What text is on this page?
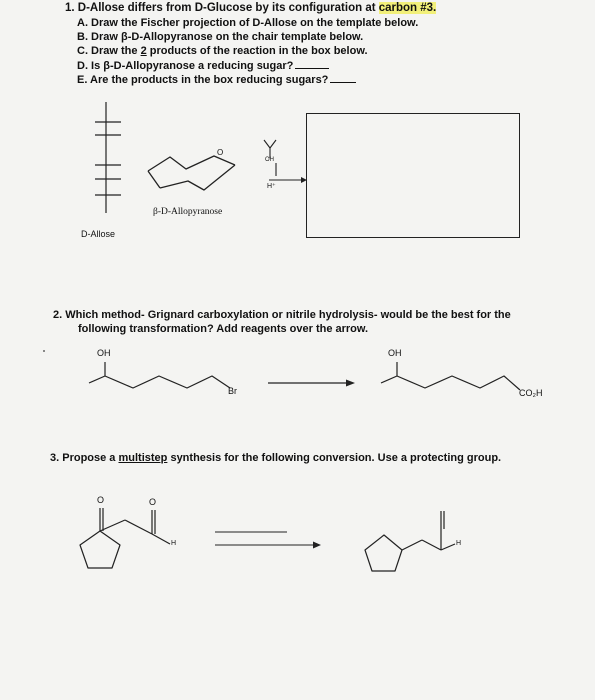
1. D-Allose differs from D-Glucose by its configuration at carbon #3.
A. Draw the Fischer projection of D-Allose on the template below.
B. Draw β-D-Allopyranose on the chair template below.
C. Draw the 2 products of the reaction in the box below.
D. Is β-D-Allopyranose a reducing sugar?
E. Are the products in the box reducing sugars?
D-Allose
β-D-Allopyranose
O
OH
H⁺
2. Which method- Grignard carboxylation or nitrile hydrolysis- would be the best for the
following transformation? Add reagents over the arrow.
OH
Br
OH
CO₂H
3. Propose a multistep synthesis for the following conversion. Use a protecting group.
O	O
H	H
